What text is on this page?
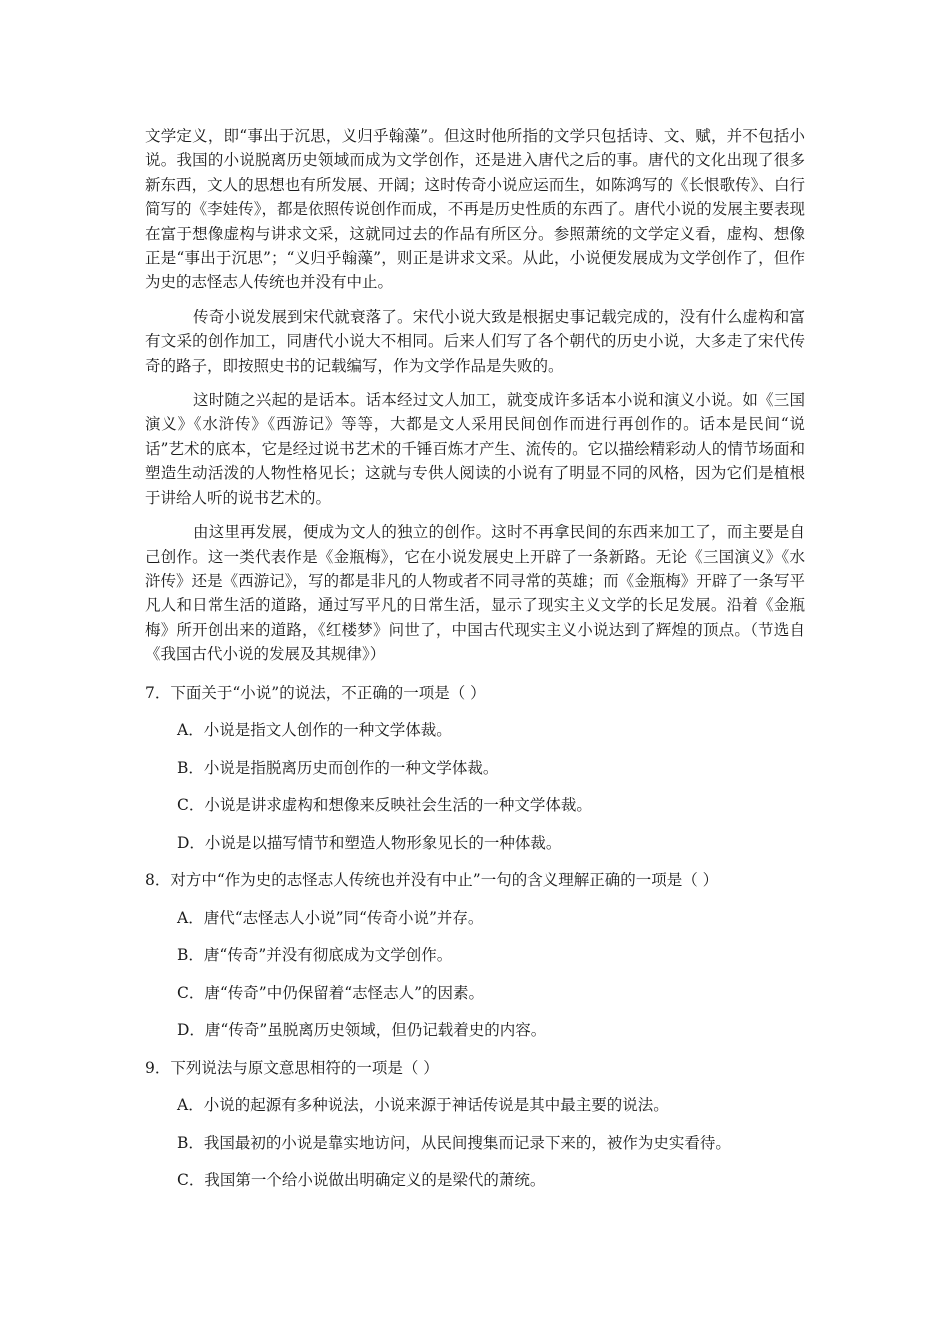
文学定义，即“事出于沉思，义归乎翰藻”。但这时他所指的文学只包括诗、文、赋，并不包括小说。我国的小说脱离历史领域而成为文学创作，还是进入唐代之后的事。唐代的文化出现了很多新东西，文人的思想也有所发展、开阔；这时传奇小说应运而生，如陈鸿写的《长恨歌传》、白行简写的《李娃传》，都是依照传说创作而成，不再是历史性质的东西了。唐代小说的发展主要表现在富于想像虚构与讲求文采，这就同过去的作品有所区分。参照萧统的文学定义看，虚构、想像正是“事出于沉思”；“义归乎翰藻”，则正是讲求文采。从此，小说便发展成为文学创作了，但作为史的志怪志人传统也并没有中止。

传奇小说发展到宋代就衰落了。宋代小说大致是根据史事记载完成的，没有什么虚构和富有文采的创作加工，同唐代小说大不相同。后来人们写了各个朝代的历史小说，大多走了宋代传奇的路子，即按照史书的记载编写，作为文学作品是失败的。

这时随之兴起的是话本。话本经过文人加工，就变成许多话本小说和演义小说。如《三国演义》《水浒传》《西游记》等等，大都是文人采用民间创作而进行再创作的。话本是民间“说话”艺术的底本，它是经过说书艺术的千锤百炼才产生、流传的。它以描绘精彩动人的情节场面和塑造生动活泼的人物性格见长；这就与专供人阅读的小说有了明显不同的风格，因为它们是植根于讲给人听的说书艺术的。

由这里再发展，便成为文人的独立的创作。这时不再拿民间的东西来加工了，而主要是自己创作。这一类代表作是《金瓶梅》，它在小说发展史上开辟了一条新路。无论《三国演义》《水浒传》还是《西游记》，写的都是非凡的人物或者不同寻常的英雄；而《金瓶梅》开辟了一条写平凡人和日常生活的道路，通过写平凡的日常生活，显示了现实主义文学的长足发展。沿着《金瓶梅》所开创出来的道路，《红楼梦》问世了，中国古代现实主义小说达到了辉煌的顶点。（节选自《我国古代小说的发展及其规律》）

7．下面关于“小说”的说法，不正确的一项是（ ）

A．小说是指文人创作的一种文学体裁。

B．小说是指脱离历史而创作的一种文学体裁。

C．小说是讲求虚构和想像来反映社会生活的一种文学体裁。

D．小说是以描写情节和塑造人物形象见长的一种体裁。

8．对方中“作为史的志怪志人传统也并没有中止”一句的含义理解正确的一项是（ ）

A．唐代“志怪志人小说”同“传奇小说”并存。

B．唐“传奇”并没有彻底成为文学创作。

C．唐“传奇”中仍保留着“志怪志人”的因素。

D．唐“传奇”虽脱离历史领域，但仍记载着史的内容。

9．下列说法与原文意思相符的一项是（ ）

A．小说的起源有多种说法，小说来源于神话传说是其中最主要的说法。

B．我国最初的小说是靠实地访问，从民间搜集而记录下来的，被作为史实看待。

C．我国第一个给小说做出明确定义的是梁代的萧统。
